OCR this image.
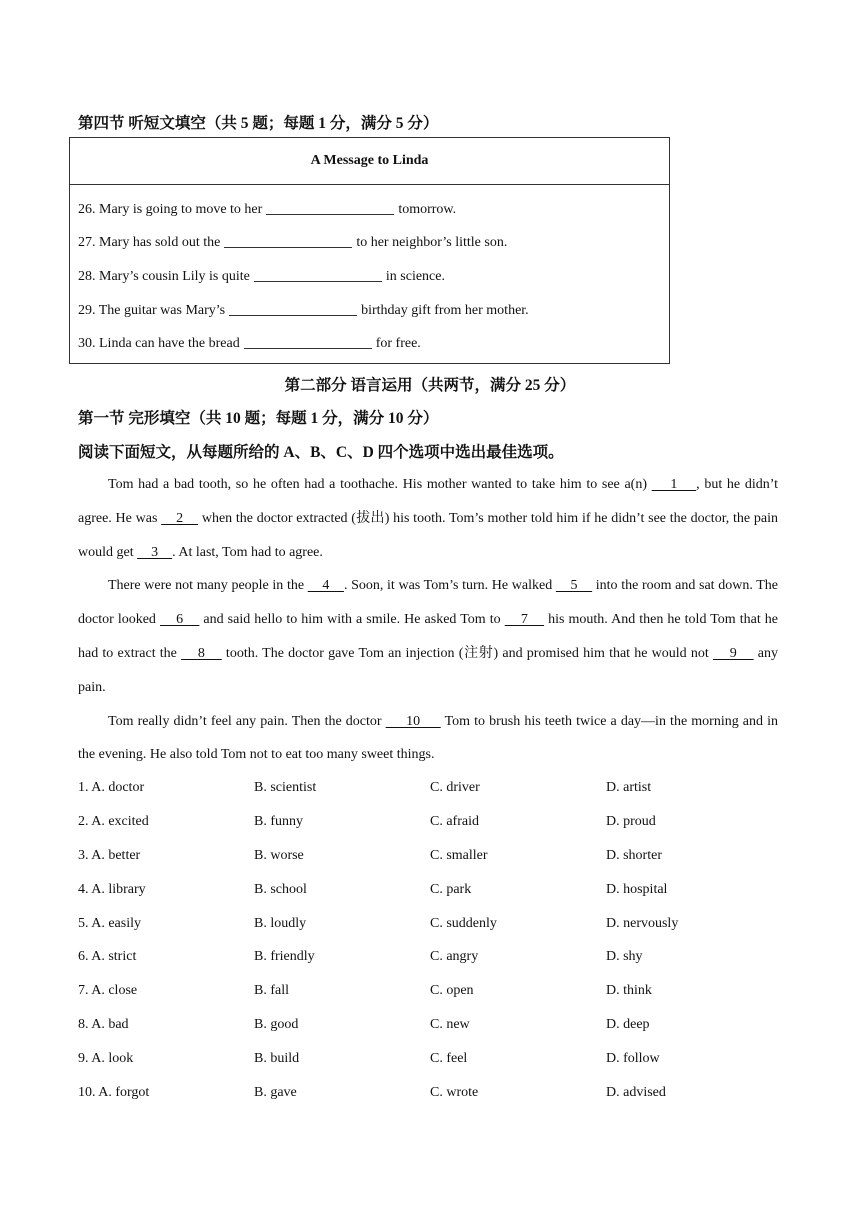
第四节 听短文填空（共 5 题；每题 1 分，满分 5 分）
A Message to Linda
26. Mary is going to move to her	tomorrow.
27. Mary has sold out the	to her neighbor’s little son.
28. Mary’s cousin Lily is quite	in science.
29. The guitar was Mary’s	birthday gift from her mother.
30. Linda can have the bread	for free.
第二部分 语言运用（共两节，满分 25 分）
第一节 完形填空（共 10 题；每题 1 分，满分 10 分）
阅读下面短文，从每题所给的 A、B、C、D 四个选项中选出最佳选项。

Tom had a bad tooth, so he often had a toothache. His mother wanted to take him to see a(n)     1    , but he didn’t agree. He was     2     when the doctor extracted (拔出) his tooth. Tom’s mother told him if he didn’t see the doctor, the pain would get     3    . At last, Tom had to agree.

There were not many people in the     4    . Soon, it was Tom’s turn. He walked     5     into the room and sat down. The doctor looked     6     and said hello to him with a smile. He asked Tom to     7     his mouth. And then he told Tom that he had to extract the     8     tooth. The doctor gave Tom an injection (注射) and promised him that he would not     9     any pain.

Tom really didn’t feel any pain. Then the doctor      10      Tom to brush his teeth twice a day—in the morning and in the evening. He also told Tom not to eat too many sweet things.

1. A. doctor	B. scientist	C. driver	D. artist
2. A. excited	B. funny	C. afraid	D. proud
3. A. better	B. worse	C. smaller	D. shorter
4. A. library	B. school	C. park	D. hospital
5. A. easily	B. loudly	C. suddenly	D. nervously
6. A. strict	B. friendly	C. angry	D. shy
7. A. close	B. fall	C. open	D. think
8. A. bad	B. good	C. new	D. deep
9. A. look	B. build	C. feel	D. follow
10. A. forgot	B. gave	C. wrote	D. advised
